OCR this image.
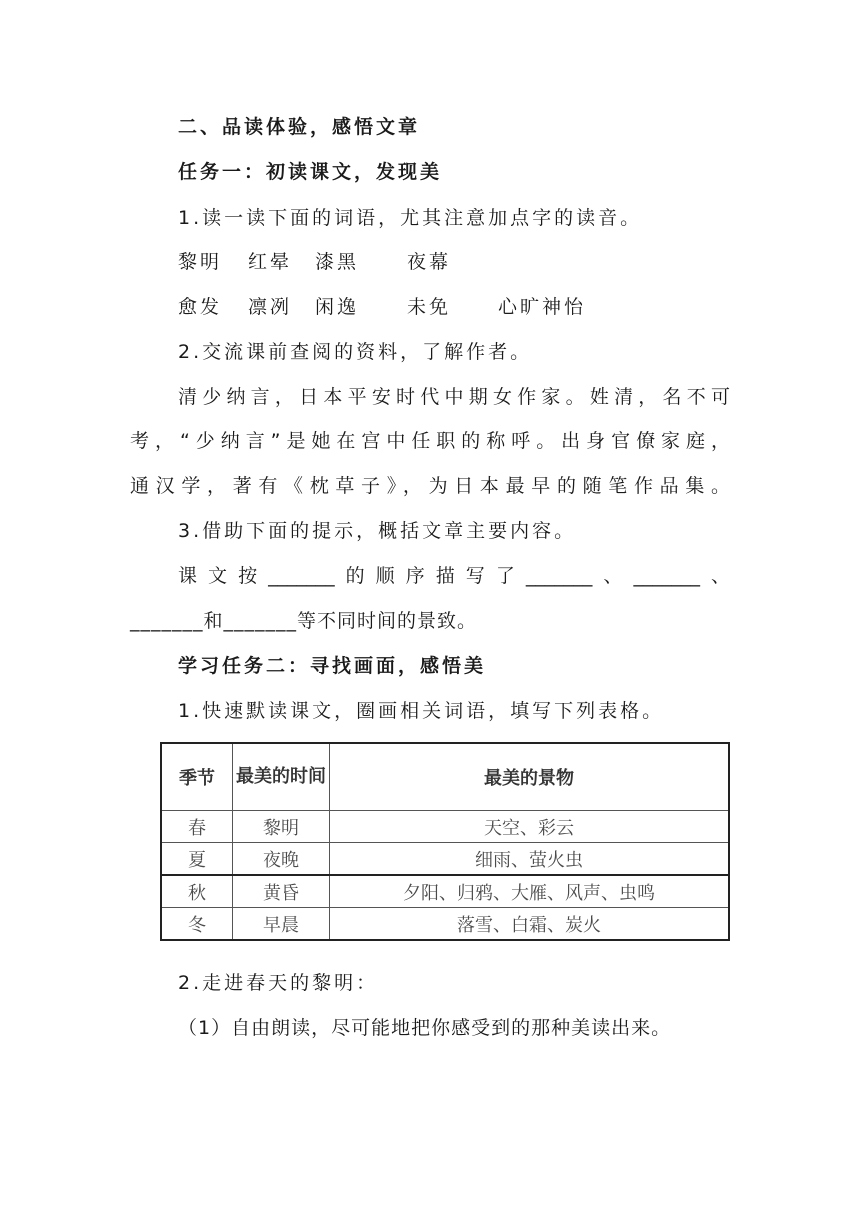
二、品读体验，感悟文章
任务一：初读课文，发现美
1.读一读下面的词语，尤其注意加点字的读音。
黎明 红晕 漆黑	夜幕
愈发 凛冽 闲逸	未免 心旷神怡
2.交流课前查阅的资料，了解作者。
清少纳言，日本平安时代中期女作家。姓清，名不可
考，“少纳言”是她在宫中任职的称呼。出身官僚家庭，
通汉学，著有《枕草子》，为日本最早的随笔作品集。
3.借助下面的提示，概括文章主要内容。
课文按_______的顺序描写了_______、_______、
_______和_______等不同时间的景致。
学习任务二：寻找画面，感悟美
1.快速默读课文，圈画相关词语，填写下列表格。
季节	最美的时间	最美的景物
春	黎明	天空、彩云
夏	夜晚	细雨、萤火虫
秋	黄昏	夕阳、归鸦、大雁、风声、虫鸣
冬	早晨	落雪、白霜、炭火
2.走进春天的黎明：
（1）自由朗读，尽可能地把你感受到的那种美读出来。
